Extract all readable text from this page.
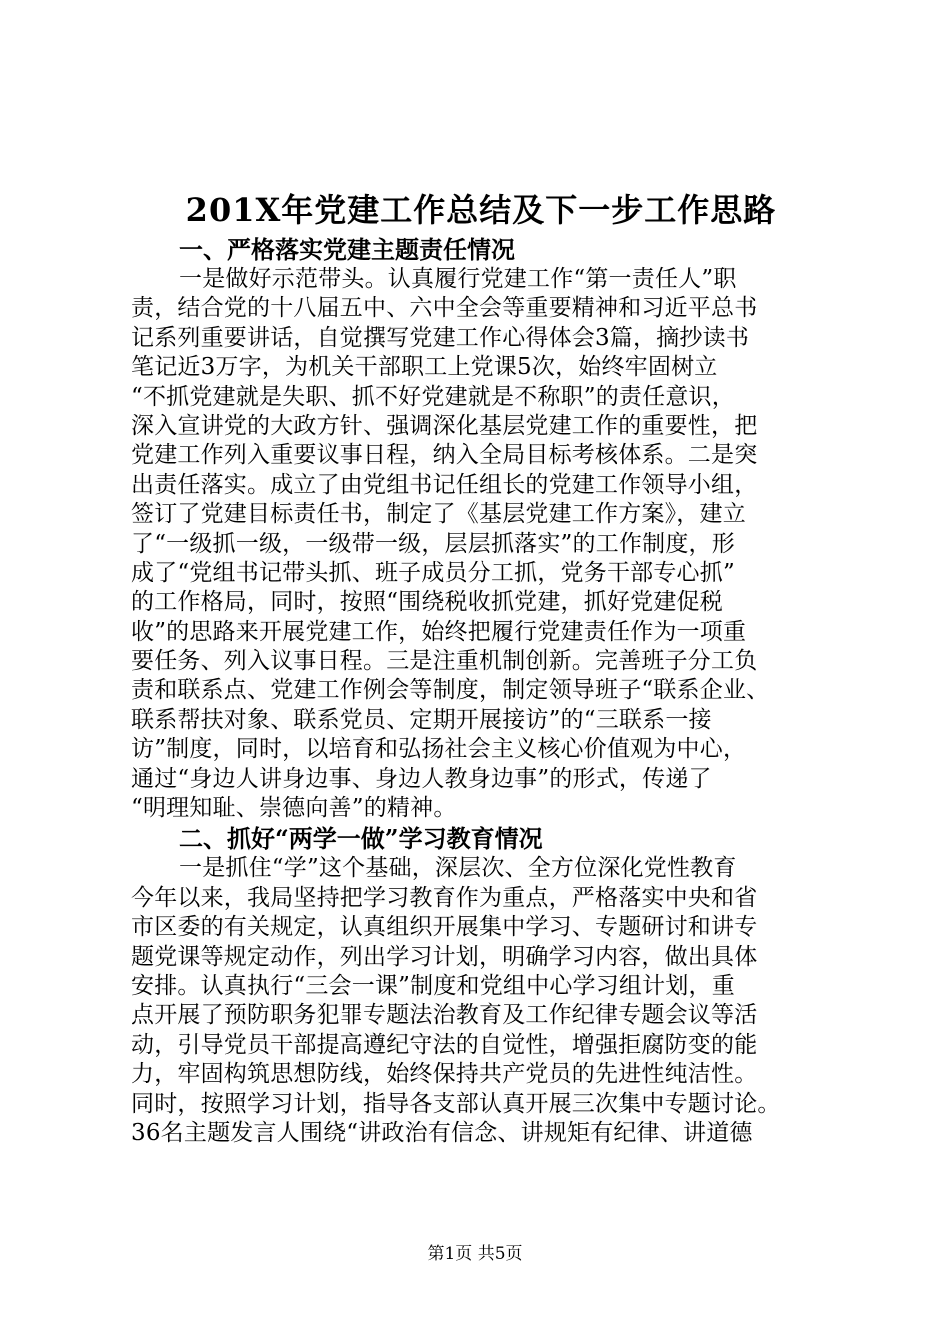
201X年党建工作总结及下一步工作思路
一、严格落实党建主题责任情况
一是做好示范带头。认真履行党建工作“第一责任人”职
责，结合党的十八届五中、六中全会等重要精神和习近平总书
记系列重要讲话，自觉撰写党建工作心得体会3篇，摘抄读书
笔记近3万字，为机关干部职工上党课5次，始终牢固树立
“不抓党建就是失职、抓不好党建就是不称职”的责任意识，
深入宣讲党的大政方针、强调深化基层党建工作的重要性，把
党建工作列入重要议事日程，纳入全局目标考核体系。二是突
出责任落实。成立了由党组书记任组长的党建工作领导小组，
签订了党建目标责任书，制定了《基层党建工作方案》，建立
了“一级抓一级，一级带一级，层层抓落实”的工作制度，形
成了“党组书记带头抓、班子成员分工抓，党务干部专心抓”
的工作格局，同时，按照“围绕税收抓党建，抓好党建促税
收”的思路来开展党建工作，始终把履行党建责任作为一项重
要任务、列入议事日程。三是注重机制创新。完善班子分工负
责和联系点、党建工作例会等制度，制定领导班子“联系企业、
联系帮扶对象、联系党员、定期开展接访”的“三联系一接
访”制度，同时，以培育和弘扬社会主义核心价值观为中心，
通过“身边人讲身边事、身边人教身边事”的形式，传递了
“明理知耻、崇德向善”的精神。
二、抓好“两学一做”学习教育情况
一是抓住“学”这个基础，深层次、全方位深化党性教育
今年以来，我局坚持把学习教育作为重点，严格落实中央和省
市区委的有关规定，认真组织开展集中学习、专题研讨和讲专
题党课等规定动作，列出学习计划，明确学习内容，做出具体
安排。认真执行“三会一课”制度和党组中心学习组计划，重
点开展了预防职务犯罪专题法治教育及工作纪律专题会议等活
动，引导党员干部提高遵纪守法的自觉性，增强拒腐防变的能
力，牢固构筑思想防线，始终保持共产党员的先进性纯洁性。
同时，按照学习计划，指导各支部认真开展三次集中专题讨论。
36名主题发言人围绕“讲政治有信念、讲规矩有纪律、讲道德
第1页 共5页
